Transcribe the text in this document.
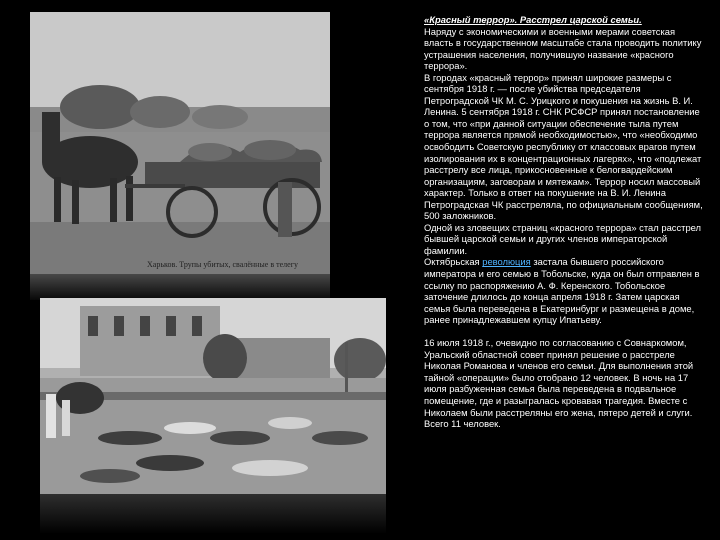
Харьков. Трупы убитых, свалённые в телегу

«Красный террор». Расстрел царской семьи.

Наряду с экономическими и военными мерами советская власть в государственном масштабе стала проводить политику устрашения населения, получившую название «красного террора».

В городах «красный террор» принял широкие размеры с сентября 1918 г. — после убийства председателя Петроградской ЧК М. С. Урицкого и покушения на жизнь В. И. Ленина. 5 сентября 1918 г. СНК РСФСР принял постановление о том, что «при данной ситуации обеспечение тыла путем террора является прямой необходимостью», что «необходимо освободить Советскую республику от классовых врагов путем изолирования их в концентрационных лагерях», что «подлежат расстрелу все лица, прикосновенные к белогвардейским организациям, заговорам и мятежам». Террор носил массовый характер. Только в ответ на покушение на В. И. Ленина Петроградская ЧК расстреляла, по официальным сообщениям, 500 заложников.

Одной из зловещих страниц «красного террора» стал расстрел бывшей царской семьи и других членов императорской фамилии.

Октябрьская революция застала бывшего российского императора и его семью в Тобольске, куда он был отправлен в ссылку по распоряжению А. Ф. Керенского. Тобольское заточение длилось до конца апреля 1918 г. Затем царская семья была переведена в Екатеринбург и размещена в доме, ранее принадлежавшем купцу Ипатьеву.

16 июля 1918 г., очевидно по согласованию с Совнаркомом, Уральский областной совет принял решение о расстреле Николая Романова и членов его семьи. Для выполнения этой тайной «операции» было отобрано 12 человек. В ночь на 17 июля разбуженная семья была переведена в подвальное помещение, где и разыгралась кровавая трагедия. Вместе с Николаем были расстреляны его жена, пятеро детей и слуги. Всего 11 человек.
